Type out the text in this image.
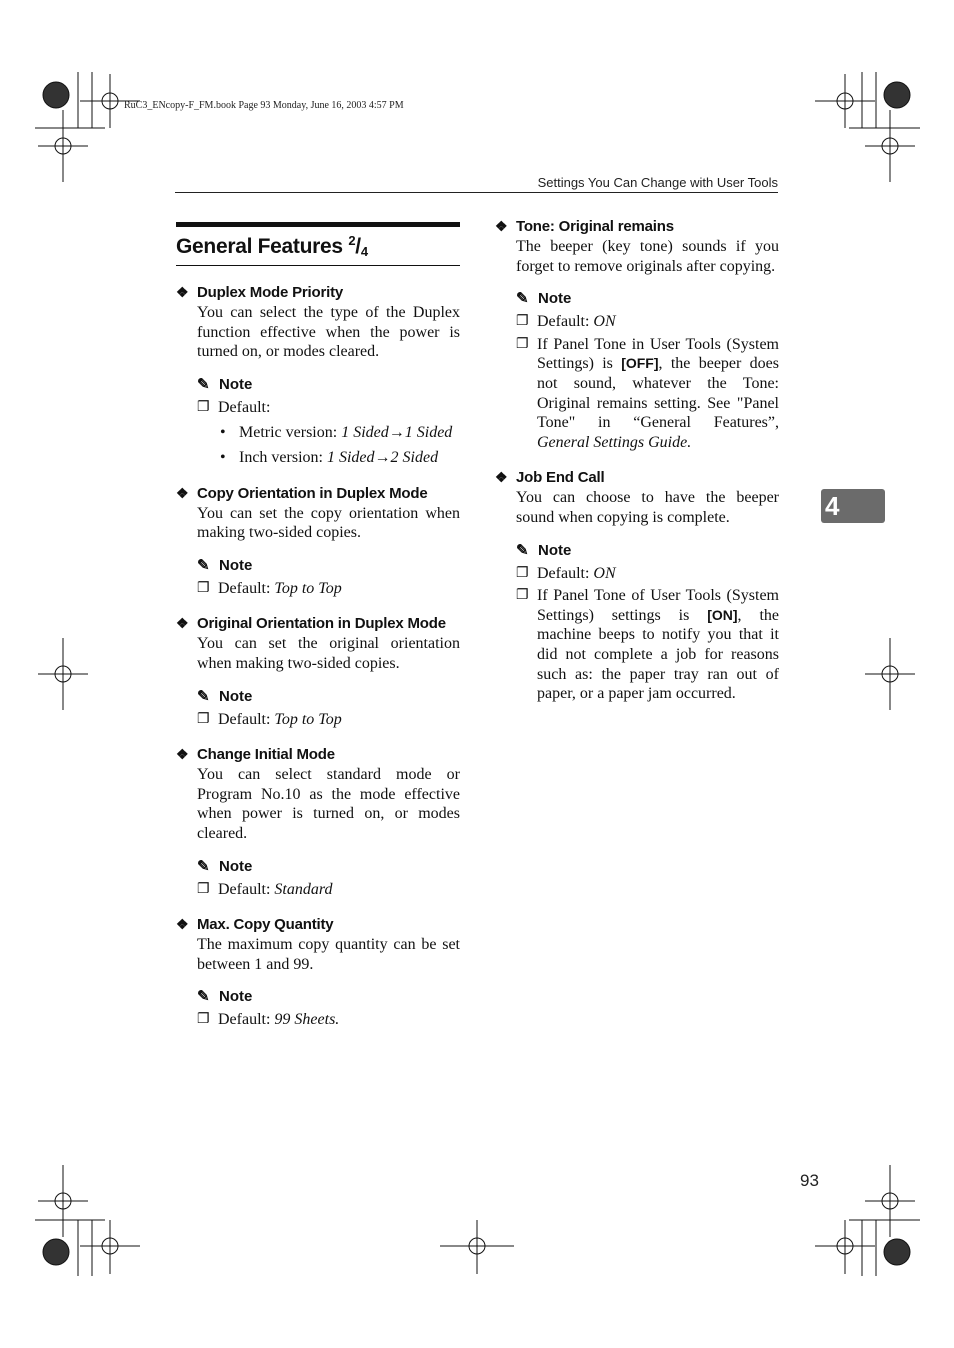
RuC3_ENcopy-F_FM.book Page 93 Monday, June 16, 2003 4:57 PM
Settings You Can Change with User Tools
General Features $^2/_4$
❖ Duplex Mode Priority
You can select the type of the Duplex function effective when the power is turned on, or modes cleared.
✎ Note
❐ Default:
• Metric version: 1 Sided→1 Sided
• Inch version: 1 Sided→2 Sided
❖ Copy Orientation in Duplex Mode
You can set the copy orientation when making two-sided copies.
✎ Note
❐ Default: Top to Top
❖ Original Orientation in Duplex Mode
You can set the original orientation when making two-sided copies.
✎ Note
❐ Default: Top to Top
❖ Change Initial Mode
You can select standard mode or Program No.10 as the mode effective when power is turned on, or modes cleared.
✎ Note
❐ Default: Standard
❖ Max. Copy Quantity
The maximum copy quantity can be set between 1 and 99.
✎ Note
❐ Default: 99 Sheets.
❖ Tone: Original remains
The beeper (key tone) sounds if you forget to remove originals after copying.
✎ Note
❐ Default: ON
❐ If Panel Tone in User Tools (System Settings) is [OFF], the beeper does not sound, whatever the Tone: Original remains setting. See "Panel Tone" in “General Features”, General Settings Guide.
❖ Job End Call
You can choose to have the beeper sound when copying is complete.
✎ Note
❐ Default: ON
❐ If Panel Tone of User Tools (System Settings) settings is [ON], the machine beeps to notify you that it did not complete a job for reasons such as: the paper tray ran out of paper, or a paper jam occurred.
4
93
